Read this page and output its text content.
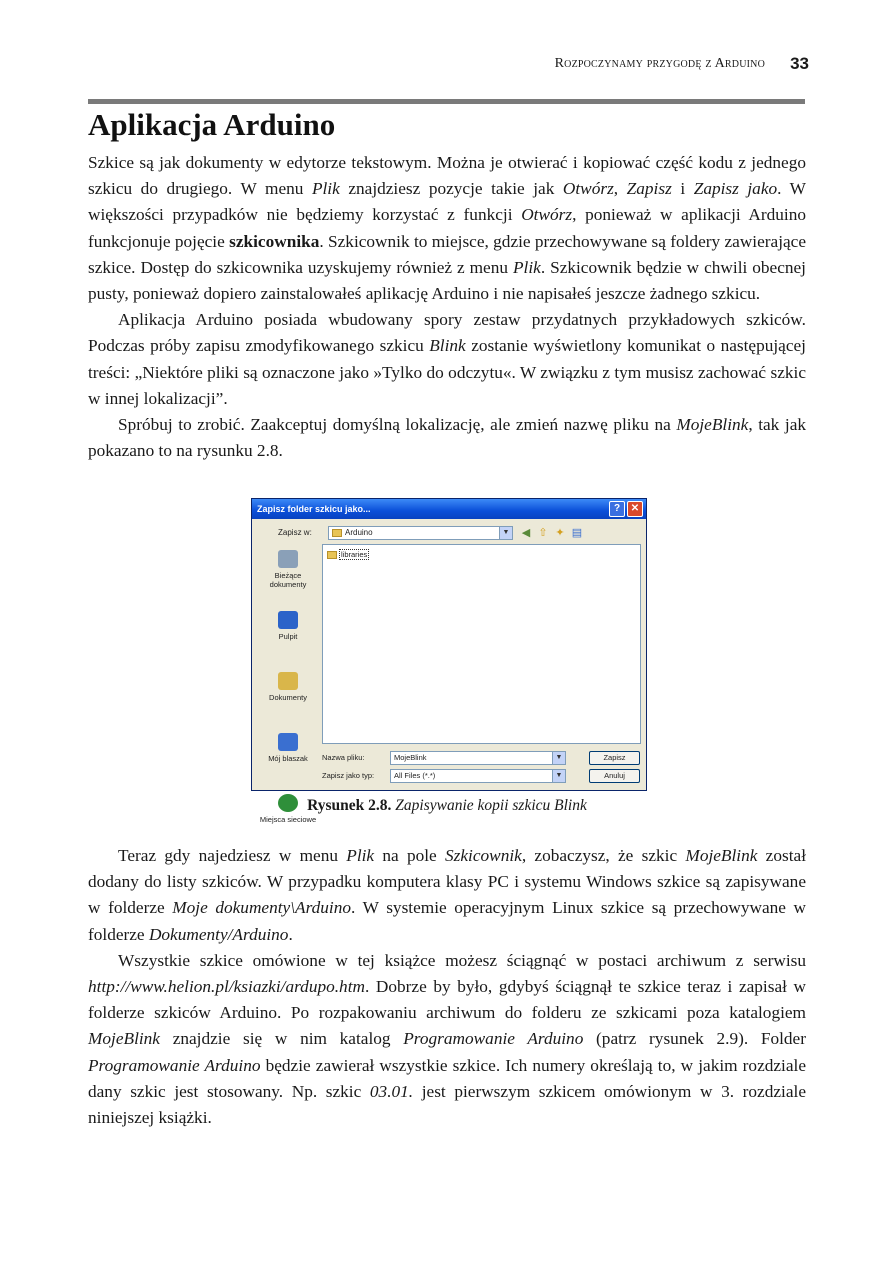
Rozpoczynamy przygodę z Arduino 33
Aplikacja Arduino

Szkice są jak dokumenty w edytorze tekstowym. Można je otwierać i kopiować część kodu z jednego szkicu do drugiego. W menu Plik znajdziesz pozycje takie jak Otwórz, Zapisz i Zapisz jako. W większości przypadków nie będziemy korzystać z funkcji Otwórz, ponieważ w aplikacji Arduino funkcjonuje pojęcie szkicownika. Szkicownik to miejsce, gdzie przechowywane są foldery zawierające szkice. Dostęp do szkicownika uzyskujemy również z menu Plik. Szkicownik będzie w chwili obecnej pusty, ponieważ dopiero zainstalowałeś aplikację Arduino i nie napisałeś jeszcze żadnego szkicu.

Aplikacja Arduino posiada wbudowany spory zestaw przydatnych przykładowych szkiców. Podczas próby zapisu zmodyfikowanego szkicu Blink zostanie wyświetlony komunikat o następującej treści: „Niektóre pliki są oznaczone jako »Tylko do odczytu«. W związku z tym musisz zachować szkic w innej lokalizacji”.

Spróbuj to zrobić. Zaakceptuj domyślną lokalizację, ale zmień nazwę pliku na MojeBlink, tak jak pokazano to na rysunku 2.8.

Zapisz folder szkicu jako...	?	✕
Zapisz w:	Arduino	▼ ◀ ⇧ ✦ ▤
Bieżące dokumenty
Pulpit
Dokumenty
Mój blaszak
Miejsca sieciowe
libraries
Nazwa pliku:	MojeBlink	▼	Zapisz
Zapisz jako typ:	All Files (*.*)	▼	Anuluj
Rysunek 2.8. Zapisywanie kopii szkicu Blink

Teraz gdy najedziesz w menu Plik na pole Szkicownik, zobaczysz, że szkic MojeBlink został dodany do listy szkiców. W przypadku komputera klasy PC i systemu Windows szkice są zapisywane w folderze Moje dokumenty\Arduino. W systemie operacyjnym Linux szkice są przechowywane w folderze Dokumenty/Arduino.

Wszystkie szkice omówione w tej książce możesz ściągnąć w postaci archiwum z serwisu http://www.helion.pl/ksiazki/ardupo.htm. Dobrze by było, gdybyś ściągnął te szkice teraz i zapisał w folderze szkiców Arduino. Po rozpakowaniu archiwum do folderu ze szkicami poza katalogiem MojeBlink znajdzie się w nim katalog Programowanie Arduino (patrz rysunek 2.9). Folder Programowanie Arduino będzie zawierał wszystkie szkice. Ich numery określają to, w jakim rozdziale dany szkic jest stosowany. Np. szkic 03.01. jest pierwszym szkicem omówionym w 3. rozdziale niniejszej książki.
